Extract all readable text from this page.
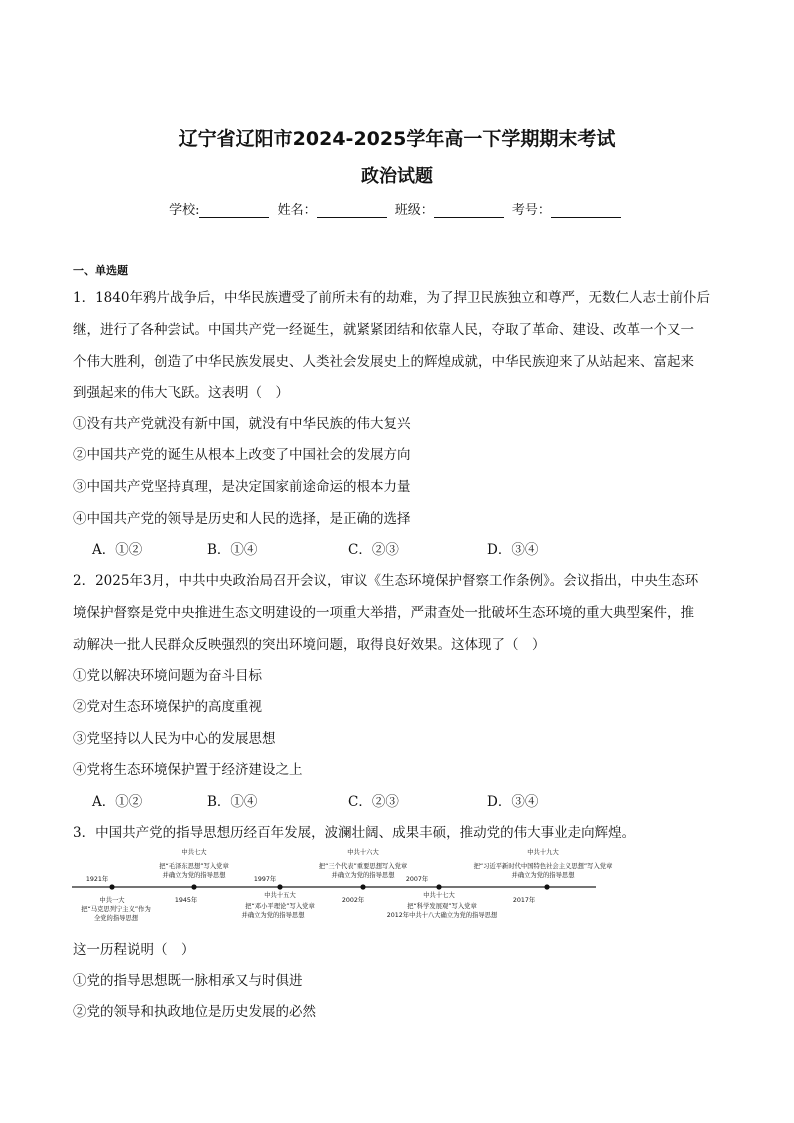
辽宁省辽阳市2024-2025学年高一下学期期末考试
政治试题
学校:	姓名：	班级：	考号：
一、单选题
1．1840年鸦片战争后，中华民族遭受了前所未有的劫难，为了捍卫民族独立和尊严，无数仁人志士前仆后
继，进行了各种尝试。中国共产党一经诞生，就紧紧团结和依靠人民，夺取了革命、建设、改革一个又一
个伟大胜利，创造了中华民族发展史、人类社会发展史上的辉煌成就，中华民族迎来了从站起来、富起来
到强起来的伟大飞跃。这表明（　）
①没有共产党就没有新中国，就没有中华民族的伟大复兴
②中国共产党的诞生从根本上改变了中国社会的发展方向
③中国共产党坚持真理，是决定国家前途命运的根本力量
④中国共产党的领导是历史和人民的选择，是正确的选择
A．①②	B．①④	C．②③	D．③④
2．2025年3月，中共中央政治局召开会议，审议《生态环境保护督察工作条例》。会议指出，中央生态环
境保护督察是党中央推进生态文明建设的一项重大举措，严肃查处一批破坏生态环境的重大典型案件，推
动解决一批人民群众反映强烈的突出环境问题，取得良好效果。这体现了（　）
①党以解决环境问题为奋斗目标
②党对生态环境保护的高度重视
③党坚持以人民为中心的发展思想
④党将生态环境保护置于经济建设之上
A．①②	B．①④	C．②③	D．③④
3．中国共产党的指导思想历经百年发展，波澜壮阔、成果丰硕，推动党的伟大事业走向辉煌。
1921年
1945年
1997年
2002年
2007年
2017年
中共七大
把“毛泽东思想”写入党章
并确立为党的指导思想
中共十六大
把“三个代表”重要思想写入党章
并确立为党的指导思想
中共十九大
把“习近平新时代中国特色社会主义思想”写入党章
并确立为党的指导思想
中共一大
把“马克思列宁主义”作为
全党的指导思想
中共十五大
把“邓小平理论”写入党章
并确立为党的指导思想
中共十七大
把“科学发展观”写入党章
2012年中共十八大确立为党的指导思想
这一历程说明（　）
①党的指导思想既一脉相承又与时俱进
②党的领导和执政地位是历史发展的必然
